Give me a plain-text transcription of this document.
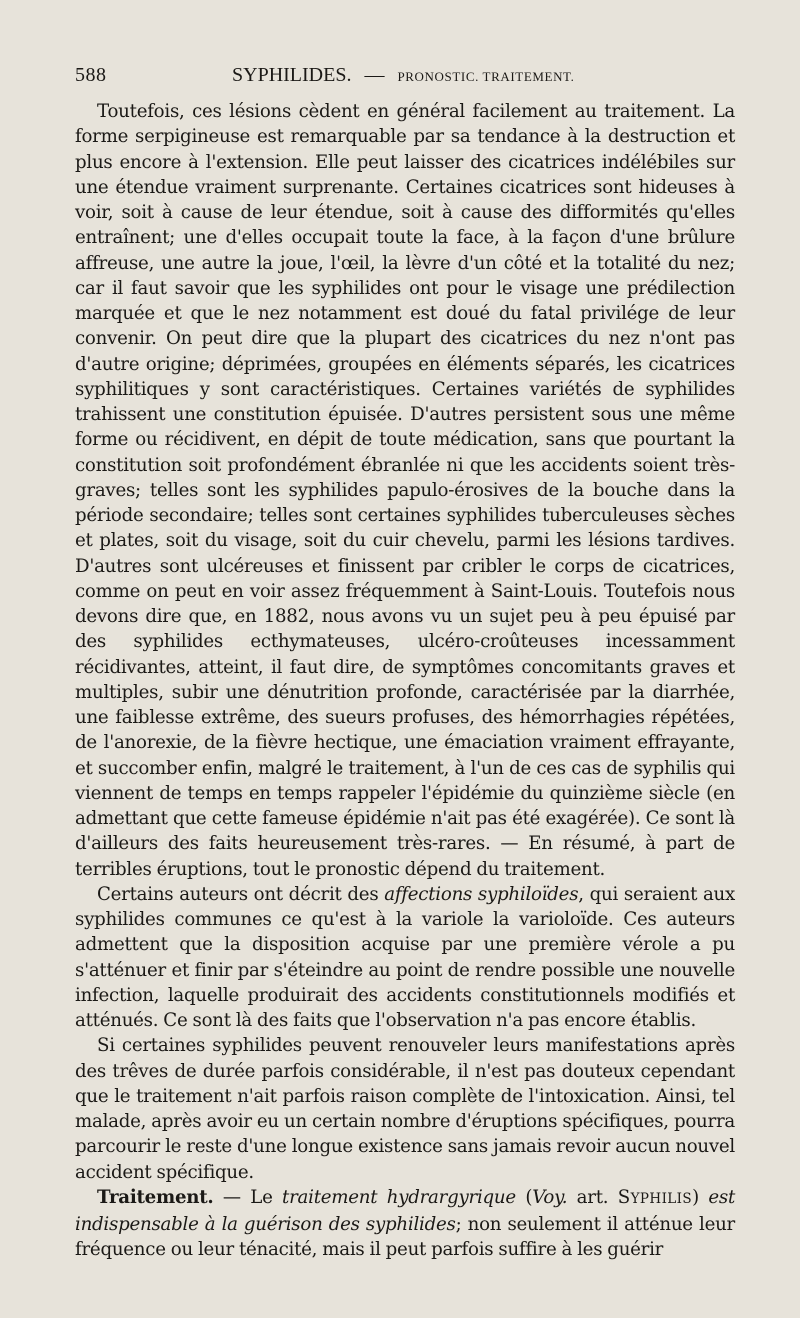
588	SYPHILIDES. — PRONOSTIC. TRAITEMENT.

Toutefois, ces lésions cèdent en général facilement au traitement. La forme serpigineuse est remarquable par sa tendance à la destruction et plus encore à l'extension. Elle peut laisser des cicatrices indélébiles sur une étendue vraiment surprenante. Certaines cicatrices sont hideuses à voir, soit à cause de leur étendue, soit à cause des difformités qu'elles entraînent; une d'elles occupait toute la face, à la façon d'une brûlure affreuse, une autre la joue, l'œil, la lèvre d'un côté et la totalité du nez; car il faut savoir que les syphilides ont pour le visage une prédilection marquée et que le nez notamment est doué du fatal privilége de leur convenir. On peut dire que la plupart des cicatrices du nez n'ont pas d'autre origine; déprimées, groupées en éléments séparés, les cicatrices syphilitiques y sont caractéristiques. Certaines variétés de syphilides trahissent une constitution épuisée. D'autres persistent sous une même forme ou récidivent, en dépit de toute médication, sans que pourtant la constitution soit profondément ébranlée ni que les accidents soient très-graves; telles sont les syphilides papulo-érosives de la bouche dans la période secondaire; telles sont certaines syphilides tuberculeuses sèches et plates, soit du visage, soit du cuir chevelu, parmi les lésions tardives. D'autres sont ulcéreuses et finissent par cribler le corps de cicatrices, comme on peut en voir assez fréquemment à Saint-Louis. Toutefois nous devons dire que, en 1882, nous avons vu un sujet peu à peu épuisé par des syphilides ecthymateuses, ulcéro-croûteuses incessamment récidivantes, atteint, il faut dire, de symptômes concomitants graves et multiples, subir une dénutrition profonde, caractérisée par la diarrhée, une faiblesse extrême, des sueurs profuses, des hémorrhagies répétées, de l'anorexie, de la fièvre hectique, une émaciation vraiment effrayante, et succomber enfin, malgré le traitement, à l'un de ces cas de syphilis qui viennent de temps en temps rappeler l'épidémie du quinzième siècle (en admettant que cette fameuse épidémie n'ait pas été exagérée). Ce sont là d'ailleurs des faits heureusement très-rares. — En résumé, à part de terribles éruptions, tout le pronostic dépend du traitement.

Certains auteurs ont décrit des affections syphiloïdes, qui seraient aux syphilides communes ce qu'est à la variole la varioloïde. Ces auteurs admettent que la disposition acquise par une première vérole a pu s'atténuer et finir par s'éteindre au point de rendre possible une nouvelle infection, laquelle produirait des accidents constitutionnels modifiés et atténués. Ce sont là des faits que l'observation n'a pas encore établis.

Si certaines syphilides peuvent renouveler leurs manifestations après des trêves de durée parfois considérable, il n'est pas douteux cependant que le traitement n'ait parfois raison complète de l'intoxication. Ainsi, tel malade, après avoir eu un certain nombre d'éruptions spécifiques, pourra parcourir le reste d'une longue existence sans jamais revoir aucun nouvel accident spécifique.

Traitement. — Le traitement hydrargyrique (Voy. art. SYPHILIS) est indispensable à la guérison des syphilides; non seulement il atténue leur fréquence ou leur ténacité, mais il peut parfois suffire à les guérir
